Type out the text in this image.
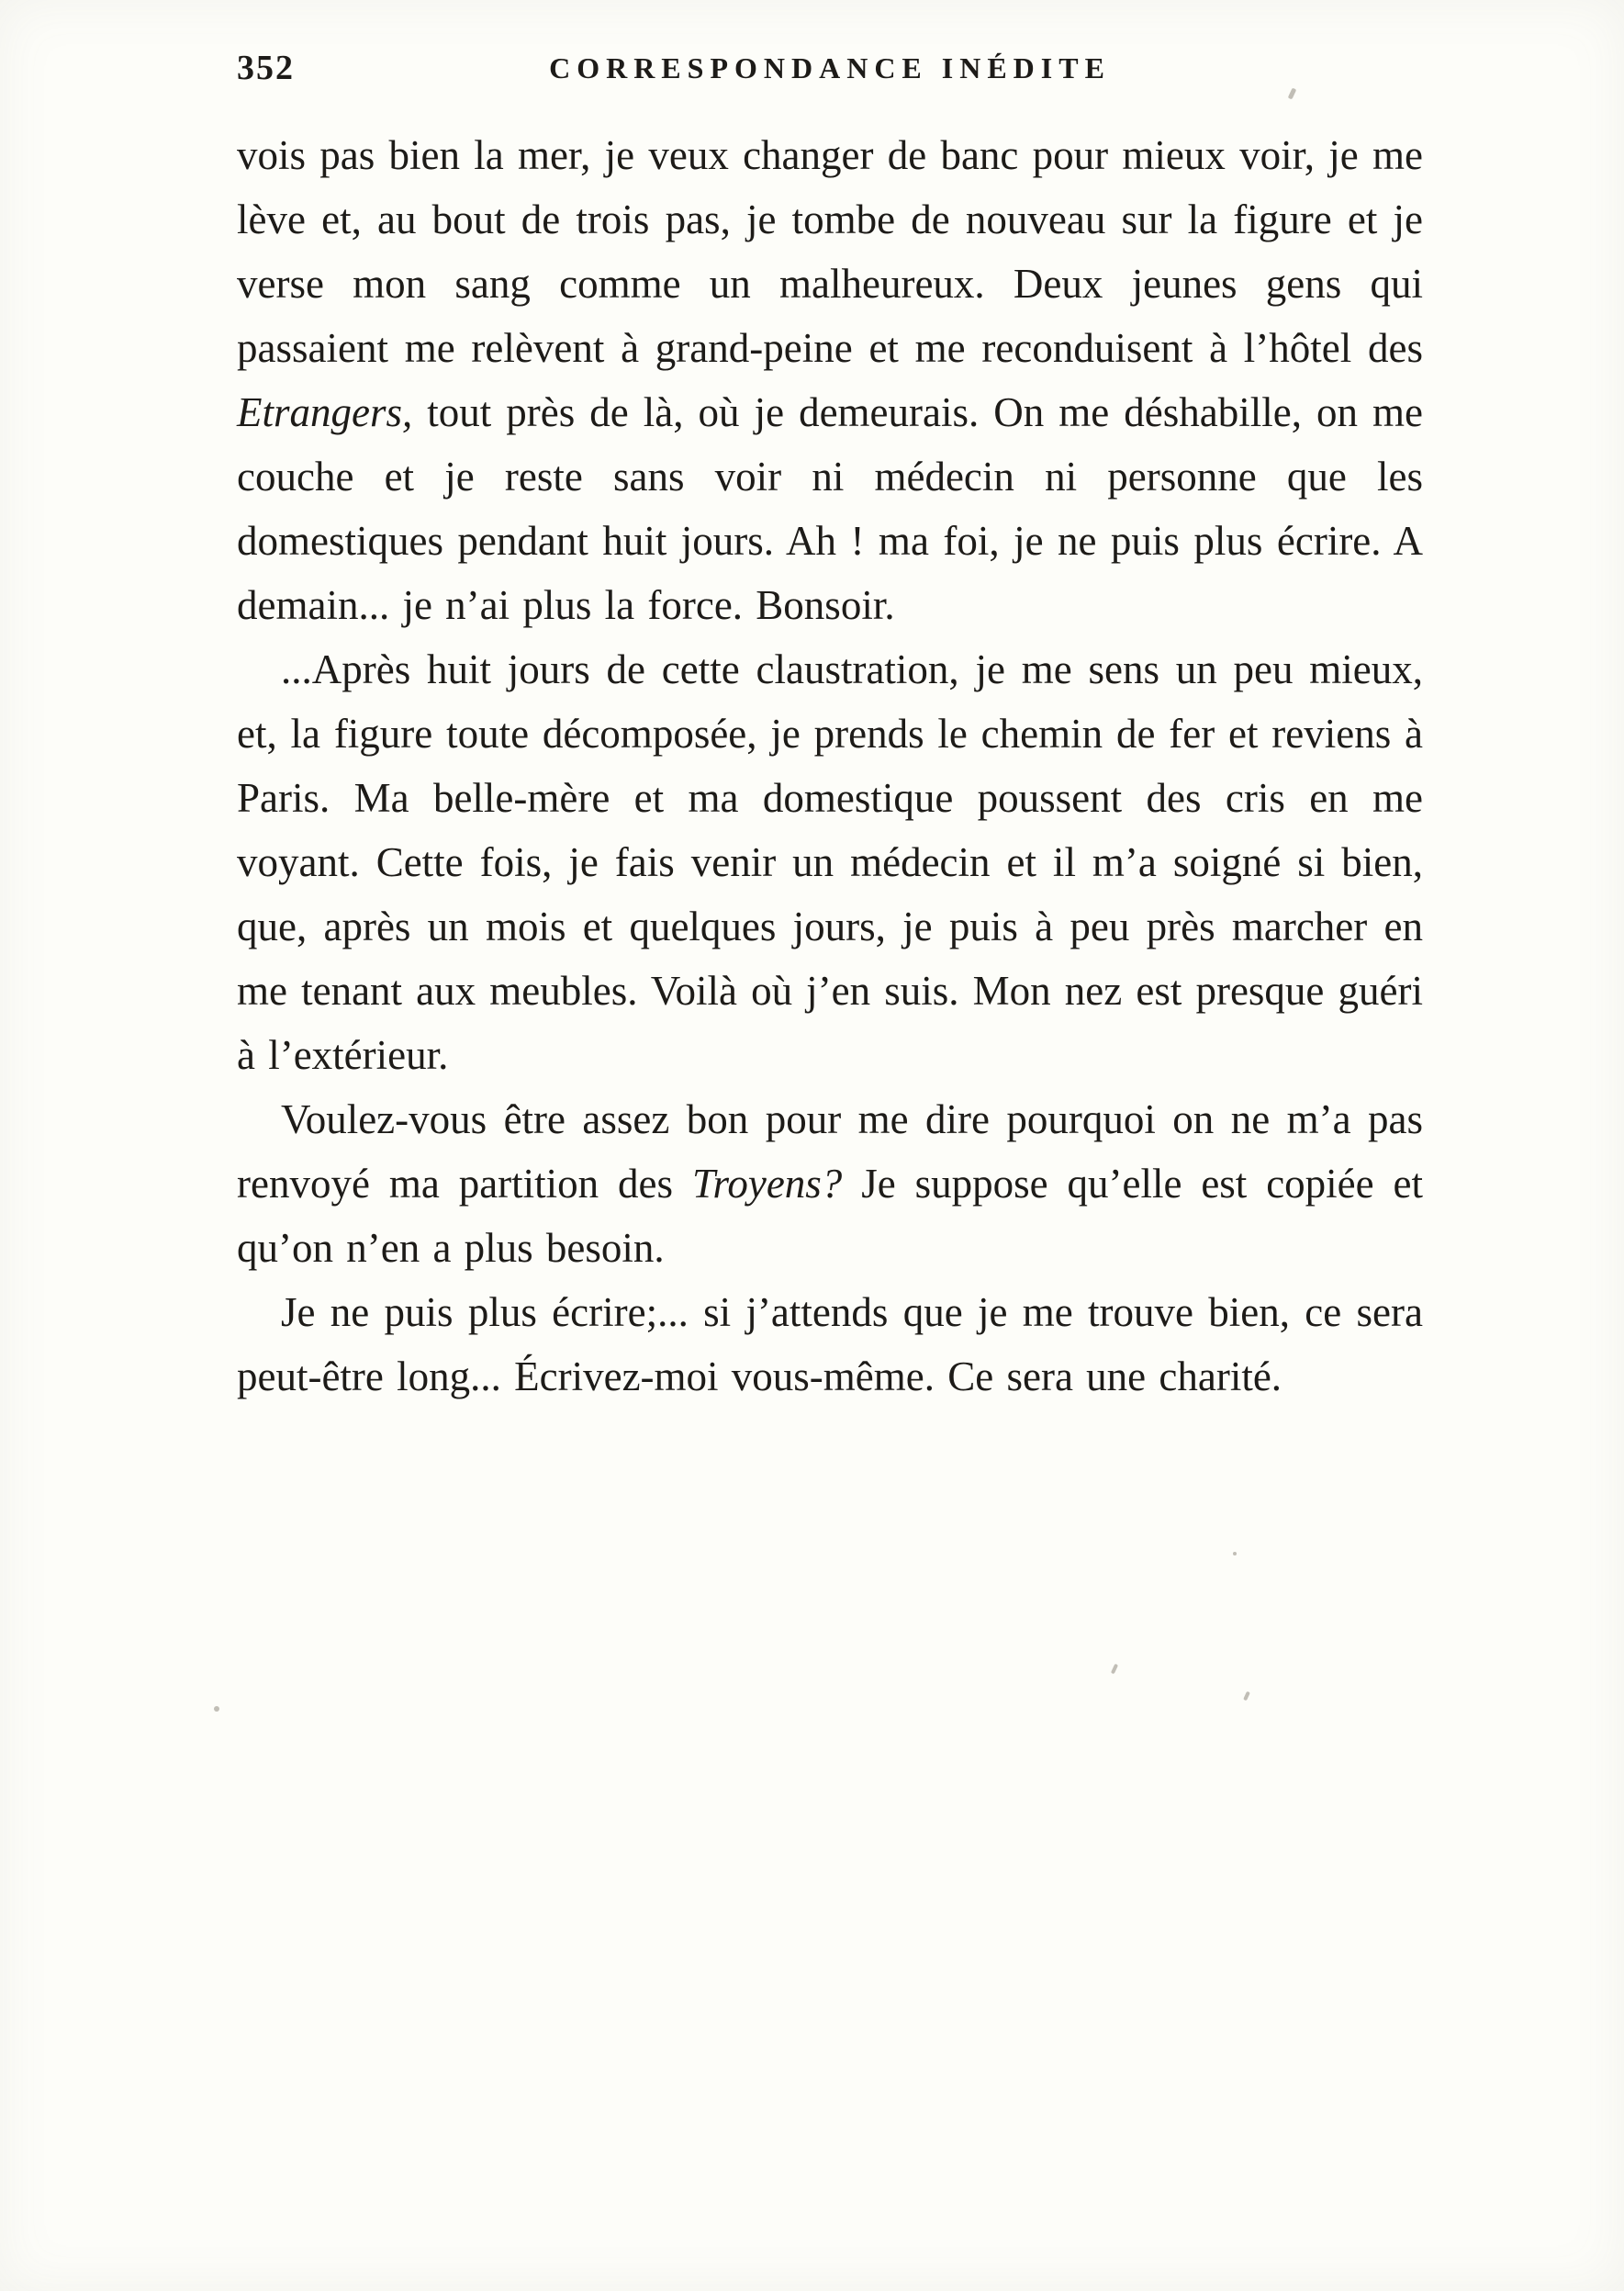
352	CORRESPONDANCE INÉDITE

vois pas bien la mer, je veux changer de banc pour mieux voir, je me lève et, au bout de trois pas, je tombe de nouveau sur la figure et je verse mon sang comme un malheureux. Deux jeunes gens qui passaient me relèvent à grand-peine et me reconduisent à l’hôtel des Etrangers, tout près de là, où je demeurais. On me déshabille, on me couche et je reste sans voir ni médecin ni personne que les domestiques pendant huit jours. Ah ! ma foi, je ne puis plus écrire. A demain... je n’ai plus la force. Bonsoir.

...Après huit jours de cette claustration, je me sens un peu mieux, et, la figure toute décomposée, je prends le chemin de fer et reviens à Paris. Ma belle-mère et ma domestique poussent des cris en me voyant. Cette fois, je fais venir un médecin et il m’a soigné si bien, que, après un mois et quelques jours, je puis à peu près marcher en me tenant aux meubles. Voilà où j’en suis. Mon nez est presque guéri à l’extérieur.

Voulez-vous être assez bon pour me dire pourquoi on ne m’a pas renvoyé ma partition des Troyens? Je suppose qu’elle est copiée et qu’on n’en a plus besoin.

Je ne puis plus écrire;... si j’attends que je me trouve bien, ce sera peut-être long... Écrivez-moi vous-même. Ce sera une charité.
